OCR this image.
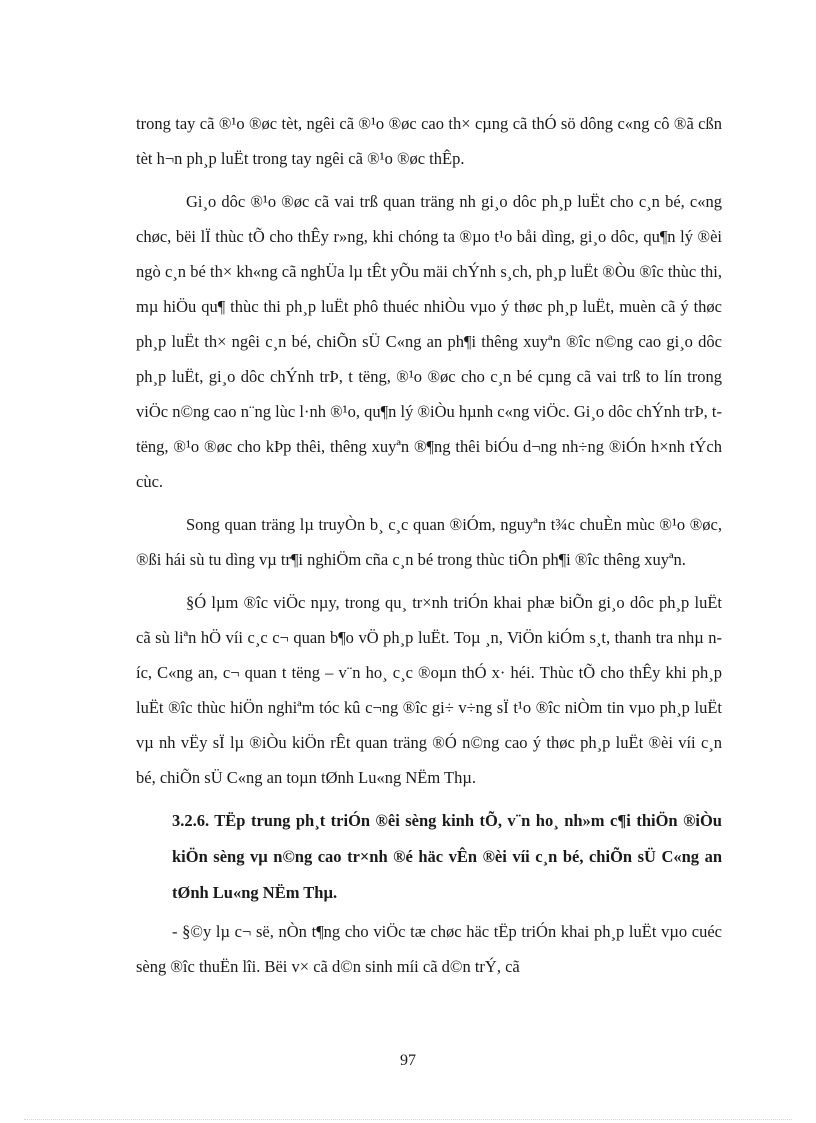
trong tay cã ®¹o ®øc tèt, ngêi cã ®¹o ®øc cao th× cµng cã thÓ sö dông c«ng cô ®ã cßn tèt h¬n ph¸p luËt trong tay ngêi cã ®¹o ®øc thÊp.

Gi¸o dôc ®¹o ®øc cã vai trß quan träng nh gi¸o dôc ph¸p luËt cho c¸n bé, c«ng chøc, bëi lÏ thùc tÕ cho thÊy r»ng, khi chóng ta ®µo t¹o båi dìng, gi¸o dôc, qu¶n lý ®èi ngò c¸n bé th× kh«ng cã nghÜa lµ tÊt yÕu mäi chÝnh s¸ch, ph¸p luËt ®Òu ®îc thùc thi, mµ hiÖu qu¶ thùc thi ph¸p luËt phô thuéc nhiÒu vµo ý thøc ph¸p luËt, muèn cã ý thøc ph¸p luËt th× ngêi c¸n bé, chiÕn sÜ C«ng an ph¶i thêng xuyªn ®îc n©ng cao gi¸o dôc ph¸p luËt, gi¸o dôc chÝnh trÞ, t tëng, ®¹o ®øc cho c¸n bé cµng cã vai trß to lín trong viÖc n©ng cao n¨ng lùc l·nh ®¹o, qu¶n lý ®iÒu hµnh c«ng viÖc. Gi¸o dôc chÝnh trÞ, t tëng, ®¹o ®øc cho kÞp thêi, thêng xuyªn ®¶ng thêi biÓu d¬ng nh÷ng ®iÓn h×nh tÝch cùc.

Song quan träng lµ truyÒn b¸ c¸c quan ®iÓm, nguyªn t¾c chuÈn mùc ®¹o ®øc, ®ßi hái sù tu dìng vµ tr¶i nghiÖm cña c¸n bé trong thùc tiÔn ph¶i ®îc thêng xuyªn.

§Ó lµm ®îc viÖc nµy, trong qu¸ tr×nh triÓn khai phæ biÕn gi¸o dôc ph¸p luËt cã sù liªn hÖ víi c¸c c¬ quan b¶o vÖ ph¸p luËt. Toµ ¸n, ViÖn kiÓm s¸t, thanh tra nhµ níc, C«ng an, c¬ quan t tëng – v¨n ho¸ c¸c ®oµn thÓ x· héi. Thùc tÕ cho thÊy khi ph¸p luËt ®îc thùc hiÖn nghiªm tóc kû c¬ng ®îc gi÷ v÷ng sÏ t¹o ®îc niÒm tin vµo ph¸p luËt vµ nh vËy sÏ lµ ®iÒu kiÖn rÊt quan träng ®Ó n©ng cao ý thøc ph¸p luËt ®èi víi c¸n bé, chiÕn sÜ C«ng an toµn tØnh Lu«ng NËm Thµ.

3.2.6. TËp trung ph¸t triÓn ®êi sèng kinh tÕ, v¨n ho¸ nh»m c¶i thiÖn ®iÒu kiÖn sèng vµ n©ng cao tr×nh ®é häc vÊn ®èi víi c¸n bé, chiÕn sÜ C«ng an tØnh Lu«ng NËm Thµ.

- §©y lµ c¬ së, nÒn t¶ng cho viÖc tæ chøc häc tËp triÓn khai ph¸p luËt vµo cuéc sèng ®îc thuËn lîi. Bëi v× cã d©n sinh míi cã d©n trÝ, cã

97
